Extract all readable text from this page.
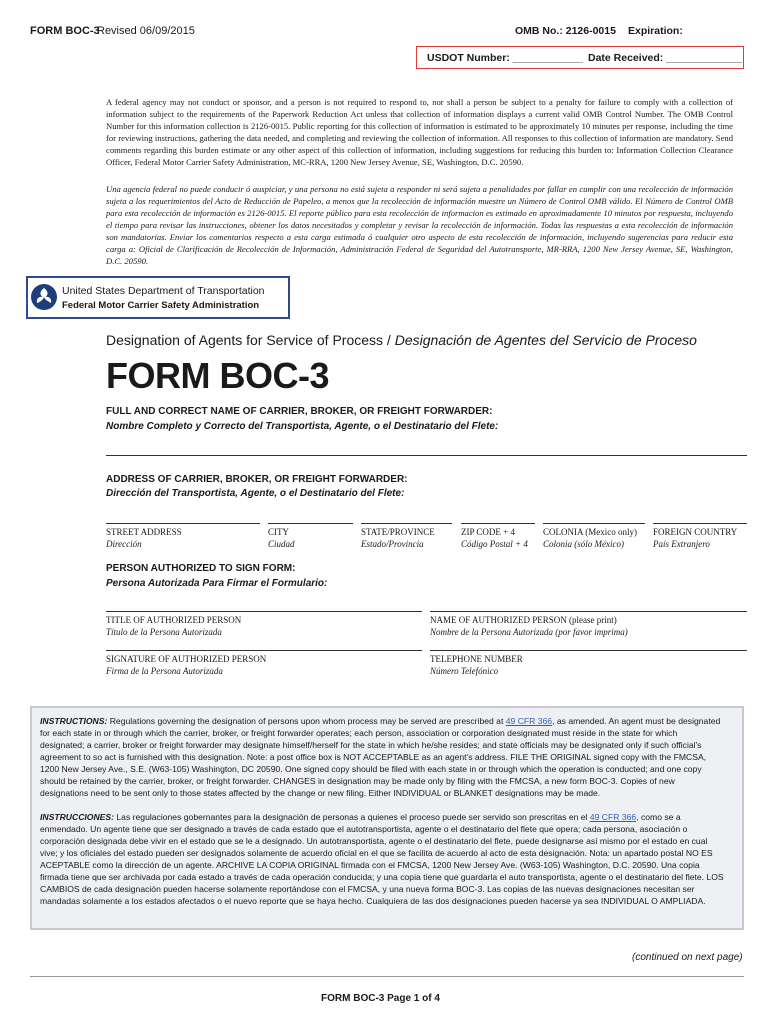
FORM BOC-3
Revised 06/09/2015	OMB No.: 2126-0015 Expiration:
USDOT Number: ____________ Date Received: _____________

A federal agency may not conduct or sponsor, and a person is not required to respond to, nor shall a person be subject to a penalty for failure to comply with a collection of information subject to the requirements of the Paperwork Reduction Act unless that collection of information displays a current valid OMB Control Number. The OMB Control Number for this information collection is 2126-0015. Public reporting for this collection of information is estimated to be approximately 10 minutes per response, including the time for reviewing instructions, gathering the data needed, and completing and reviewing the collection of information. All responses to this collection of information are mandatory. Send comments regarding this burden estimate or any other aspect of this collection of information, including suggestions for reducing this burden to: Information Collection Clearance Officer, Federal Motor Carrier Safety Administration, MC-RRA, 1200 New Jersey Avenue, SE, Washington, D.C. 20590.

Una agencia federal no puede conducir ó auspiciar, y una persona no está sujeta a responder ni será sujeta a penalidades por fallar en cumplir con una recolección de información sujeta a los requerimientos del Acto de Reducción de Papeleo, a menos que la recolección de información muestre un Número de Control OMB válido. El Número de Control OMB para esta recolección de información es 2126-0015. El reporte público para esta recolección de informacion es estimado en aproximadamente 10 minutos por respuesta, incluyendo el tiempo para revisar las instrucciones, obtener los datos necesitados y completar y revisar la recolección de información. Todas las respuestas a esta recolección de información son mandatorias. Enviar los comentarios respecto a esta carga estimada ó cualquier otro aspecto de esta recolección de información, incluyendo sugerencias para reducir esta carga a: Oficial de Clarificación de Recolección de Información, Administración Federal de Seguridad del Autotransporte, MR-RRA, 1200 New Jersey Avenue, SE, Washington, D.C. 20590.

United States Department of Transportation
Federal Motor Carrier Safety Administration
Designation of Agents for Service of Process / Designación de Agentes del Servicio de Proceso
FORM BOC-3
FULL AND CORRECT NAME OF CARRIER, BROKER, OR FREIGHT FORWARDER:
Nombre Completo y Correcto del Transportista, Agente, o el Destinatario del Flete:
ADDRESS OF CARRIER, BROKER, OR FREIGHT FORWARDER:
Dirección del Transportista, Agente, o el Destinatario del Flete:
STREET ADDRESS
Dirección
CITY
Ciudad
STATE/PROVINCE
Estado/Provincia
ZIP CODE + 4
Código Postal + 4
COLONIA (Mexico only)
Colonia (sólo México)
FOREIGN COUNTRY
País Extranjero
PERSON AUTHORIZED TO SIGN FORM:
Persona Autorizada Para Firmar el Formulario:
TITLE OF AUTHORIZED PERSON
Título de la Persona Autorizada
NAME OF AUTHORIZED PERSON (please print)
Nombre de la Persona Autorizada (por favor imprima)
SIGNATURE OF AUTHORIZED PERSON
Firma de la Persona Autorizada
TELEPHONE NUMBER
Número Telefónico

INSTRUCTIONS: Regulations governing the designation of persons upon whom process may be served are prescribed at 49 CFR 366, as amended. An agent must be designated for each state in or through which the carrier, broker, or freight forwarder operates; each person, association or corporation designated must reside in the state for which designated; a carrier, broker or freight forwarder may designate himself/herself for the state in which he/she resides; and state officials may be designated only if such official's agreement to so act is furnished with this designation. Note: a post office box is NOT ACCEPTABLE as an agent's address. FILE THE ORIGINAL signed copy with the FMCSA, 1200 New Jersey Ave., S.E. (W63-105) Washington, DC 20590. One signed copy should be filed with each state in or through which the operation is conducted; and one copy should be retained by the carrier, broker, or freight forwarder. CHANGES in designation may be made only by filing with the FMCSA, a new form BOC-3. Copies of new designations need to be sent only to those states affected by the change or new filing. Either INDIVIDUAL or BLANKET designations may be made.

INSTRUCCIONES: Las regulaciones gobernantes para la designación de personas a quienes el proceso puede ser servido son prescritas en el 49 CFR 366, como se a enmendado. Un agente tiene que ser designado a través de cada estado que el autotransportista, agente o el destinatario del flete que opera; cada persona, asociación o corporación designada debe vivir en el estado que se le a designado. Un autotransportista, agente o el destinatario del flete, puede designarse así mismo por el estado en cual vive; y los oficiales del estado pueden ser designados solamente de acuerdo oficial en el que se facilita de acuerdo al acto de esta designación. Nota: un apartado postal NO ES ACEPTABLE como la dirección de un agente. ARCHIVE LA COPIA ORIGINAL firmada con el FMCSA, 1200 New Jersey Ave. (W63-105) Washington, D.C. 20590. Una copia firmada tiene que ser archivada por cada estado a través de cada operación conducida; y una copia tiene que guardarla el auto transportista, agente o el destinatario del flete. LOS CAMBIOS de cada designación pueden hacerse solamente reportándose con el FMCSA, y una nueva forma BOC-3. Las copias de las nuevas designaciones necesitan ser mandadas solamente a los estados afectados o el nuevo reporte que se haya hecho. Cualquiera de las dos designaciones pueden hacerse ya sea INDIVIDUAL O AMPLIADA.

(continued on next page)
FORM BOC-3 Page 1 of 4
